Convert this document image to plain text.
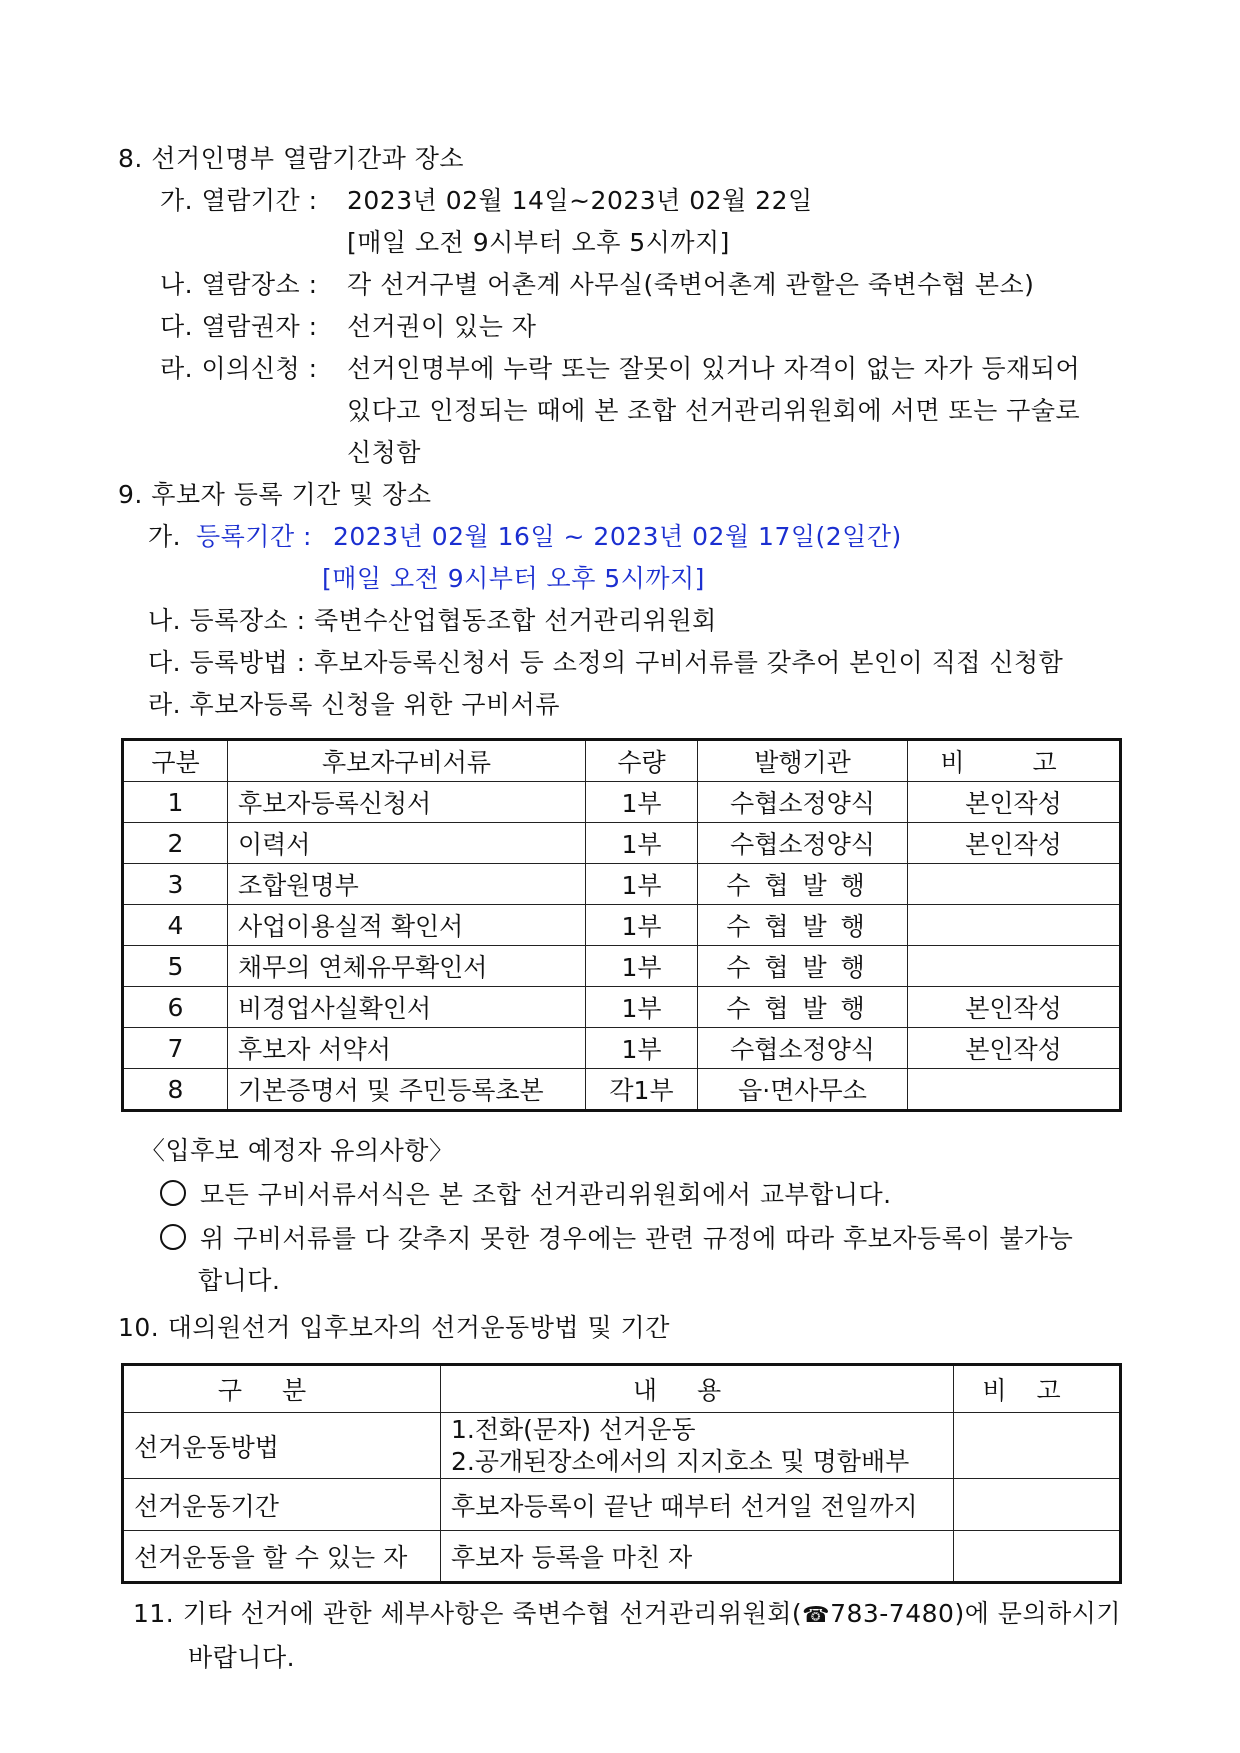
8. 선거인명부 열람기간과 장소
가. 열람기간 : 2023년 02월 14일~2023년 02월 22일
[매일 오전 9시부터 오후 5시까지]
나. 열람장소 : 각 선거구별 어촌계 사무실(죽변어촌계 관할은 죽변수협 본소)
다. 열람권자 : 선거권이 있는 자
라. 이의신청 : 선거인명부에 누락 또는 잘못이 있거나 자격이 없는 자가 등재되어
있다고 인정되는 때에 본 조합 선거관리위원회에 서면 또는 구술로
신청함
9. 후보자 등록 기간 및 장소
가. 등록기간 : 2023년 02월 16일 ~ 2023년 02월 17일(2일간)
[매일 오전 9시부터 오후 5시까지]
나. 등록장소 : 죽변수산업협동조합 선거관리위원회
다. 등록방법 : 후보자등록신청서 등 소정의 구비서류를 갖추어 본인이 직접 신청함
라. 후보자등록 신청을 위한 구비서류
구분	후보자구비서류	수량	발행기관	비 고
1	후보자등록신청서	1부	수협소정양식	본인작성
2	이력서	1부	수협소정양식	본인작성
3	조합원명부	1부	수협발행	
4	사업이용실적 확인서	1부	수협발행	
5	채무의 연체유무확인서	1부	수협발행	
6	비경업사실확인서	1부	수협발행	본인작성
7	후보자 서약서	1부	수협소정양식	본인작성
8	기본증명서 및 주민등록초본	각1부	읍·면사무소	
〈입후보 예정자 유의사항〉
모든 구비서류서식은 본 조합 선거관리위원회에서 교부합니다.
위 구비서류를 다 갖추지 못한 경우에는 관련 규정에 따라 후보자등록이 불가능
합니다.
10. 대의원선거 입후보자의 선거운동방법 및 기간
구분	내용	비고
선거운동방법	1.전화(문자) 선거운동
2.공개된장소에서의 지지호소 및 명함배부	

선거운동기간	후보자등록이 끝난 때부터 선거일 전일까지	
선거운동을 할 수 있는 자	후보자 등록을 마친 자	
11. 기타 선거에 관한 세부사항은 죽변수협 선거관리위원회(☎783-7480)에 문의하시기
바랍니다.
